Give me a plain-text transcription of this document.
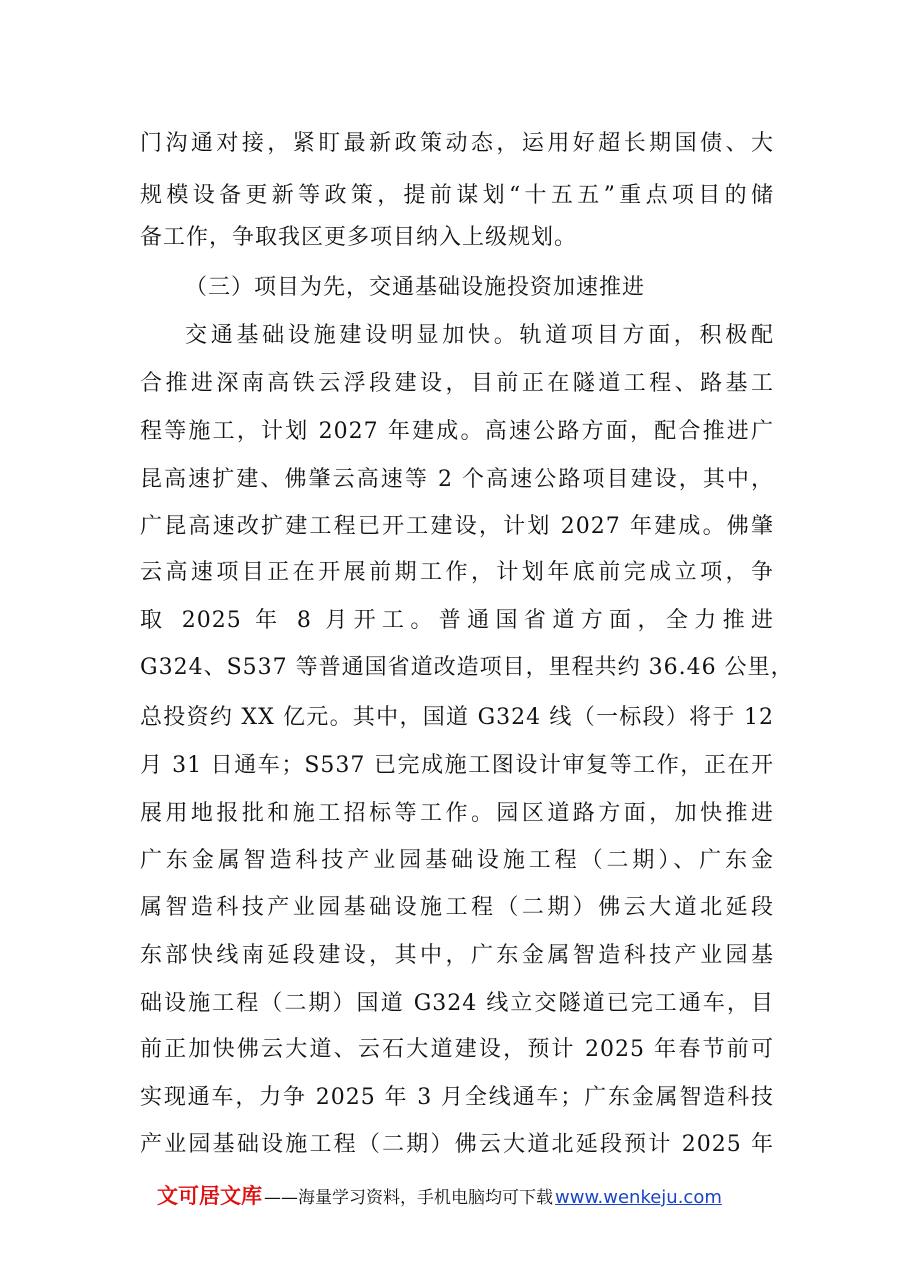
门沟通对接，紧盯最新政策动态，运用好超长期国债、大
规模设备更新等政策，提前谋划“十五五”重点项目的储
备工作，争取我区更多项目纳入上级规划。
（三）项目为先，交通基础设施投资加速推进
交通基础设施建设明显加快。轨道项目方面，积极配
合推进深南高铁云浮段建设，目前正在隧道工程、路基工
程等施工，计划 2027 年建成。高速公路方面，配合推进广
昆高速扩建、佛肇云高速等 2 个高速公路项目建设，其中，
广昆高速改扩建工程已开工建设，计划 2027 年建成。佛肇
云高速项目正在开展前期工作，计划年底前完成立项，争
取 2025 年 8 月开工。普通国省道方面，全力推进
G324、S537 等普通国省道改造项目，里程共约 36.46 公里，
总投资约 XX 亿元。其中，国道 G324 线（一标段）将于 12
月 31 日通车；S537 已完成施工图设计审复等工作，正在开
展用地报批和施工招标等工作。园区道路方面，加快推进
广东金属智造科技产业园基础设施工程（二期）、广东金
属智造科技产业园基础设施工程（二期）佛云大道北延段
东部快线南延段建设，其中，广东金属智造科技产业园基
础设施工程（二期）国道 G324 线立交隧道已完工通车，目
前正加快佛云大道、云石大道建设，预计 2025 年春节前可
实现通车，力争 2025 年 3 月全线通车；广东金属智造科技
产业园基础设施工程（二期）佛云大道北延段预计 2025 年
文可居文库 —— 海量学习资料，手机电脑均可下载 www.wenkeju.com
